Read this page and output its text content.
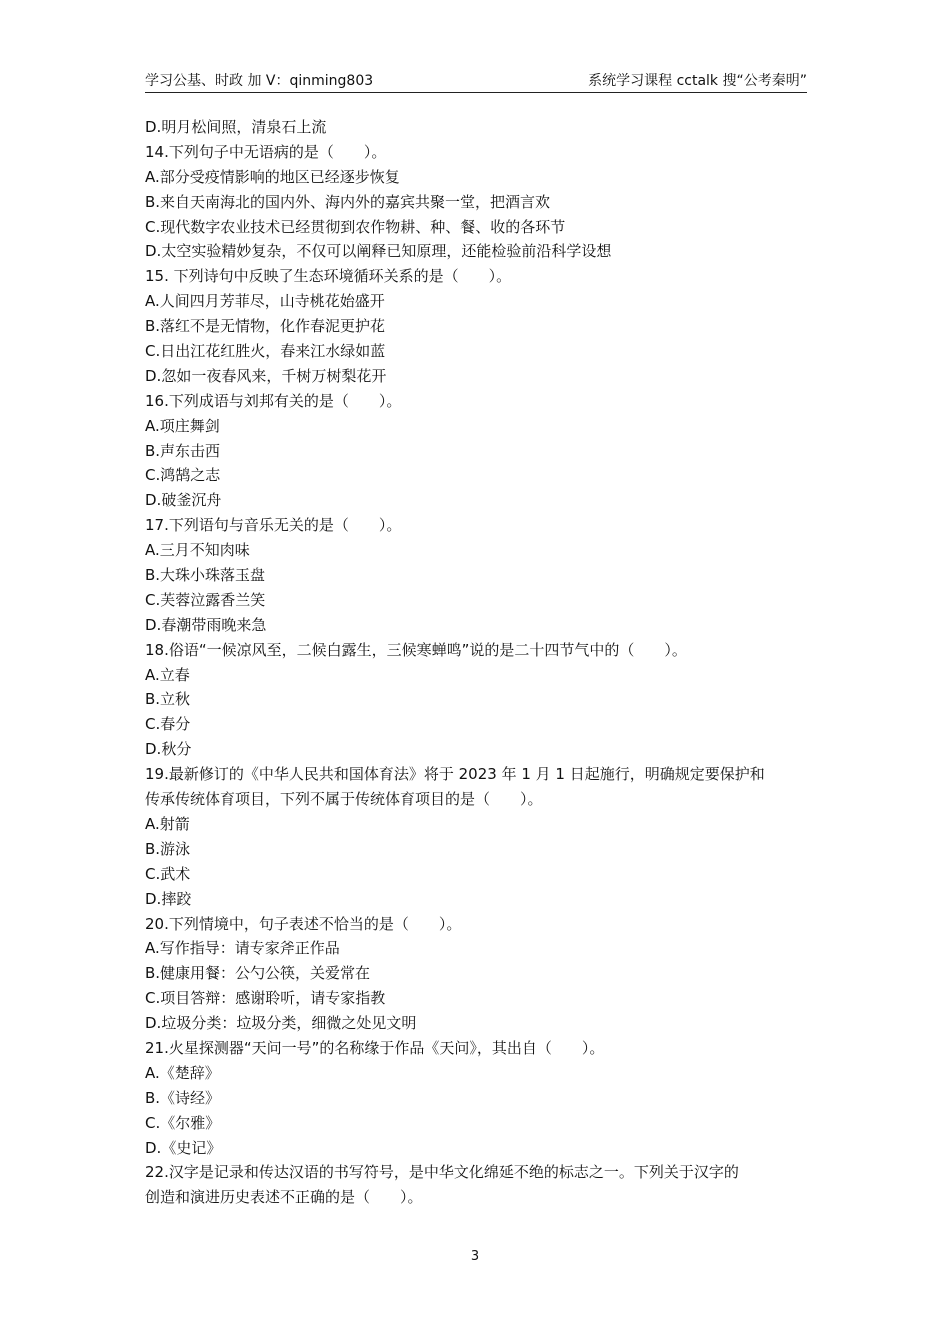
学习公基、时政 加 V：qinming803	系统学习课程 cctalk 搜“公考秦明”
D.明月松间照，清泉石上流
14.下列句子中无语病的是（　　）。
A.部分受疫情影响的地区已经逐步恢复
B.来自天南海北的国内外、海内外的嘉宾共聚一堂，把酒言欢
C.现代数字农业技术已经贯彻到农作物耕、种、餐、收的各环节
D.太空实验精妙复杂，不仅可以阐释已知原理，还能检验前沿科学设想
15. 下列诗句中反映了生态环境循环关系的是（　　）。
A.人间四月芳菲尽，山寺桃花始盛开
B.落红不是无情物，化作春泥更护花
C.日出江花红胜火，春来江水绿如蓝
D.忽如一夜春风来，千树万树梨花开
16.下列成语与刘邦有关的是（　　）。
A.项庄舞剑
B.声东击西
C.鸿鹄之志
D.破釜沉舟
17.下列语句与音乐无关的是（　　）。
A.三月不知肉味
B.大珠小珠落玉盘
C.芙蓉泣露香兰笑
D.春潮带雨晚来急
18.俗语“一候凉风至，二候白露生，三候寒蝉鸣”说的是二十四节气中的（　　）。
A.立春
B.立秋
C.春分
D.秋分
19.最新修订的《中华人民共和国体育法》将于 2023 年 1 月 1 日起施行，明确规定要保护和
传承传统体育项目，下列不属于传统体育项目的是（　　）。
A.射箭
B.游泳
C.武术
D.摔跤
20.下列情境中，句子表述不恰当的是（　　）。
A.写作指导：请专家斧正作品
B.健康用餐：公勺公筷，关爱常在
C.项目答辩：感谢聆听，请专家指教
D.垃圾分类：垃圾分类，细微之处见文明
21.火星探测器“天问一号”的名称缘于作品《天问》，其出自（　　）。
A.《楚辞》
B.《诗经》
C.《尔雅》
D.《史记》
22.汉字是记录和传达汉语的书写符号，是中华文化绵延不绝的标志之一。下列关于汉字的
创造和演进历史表述不正确的是（　　）。
3
